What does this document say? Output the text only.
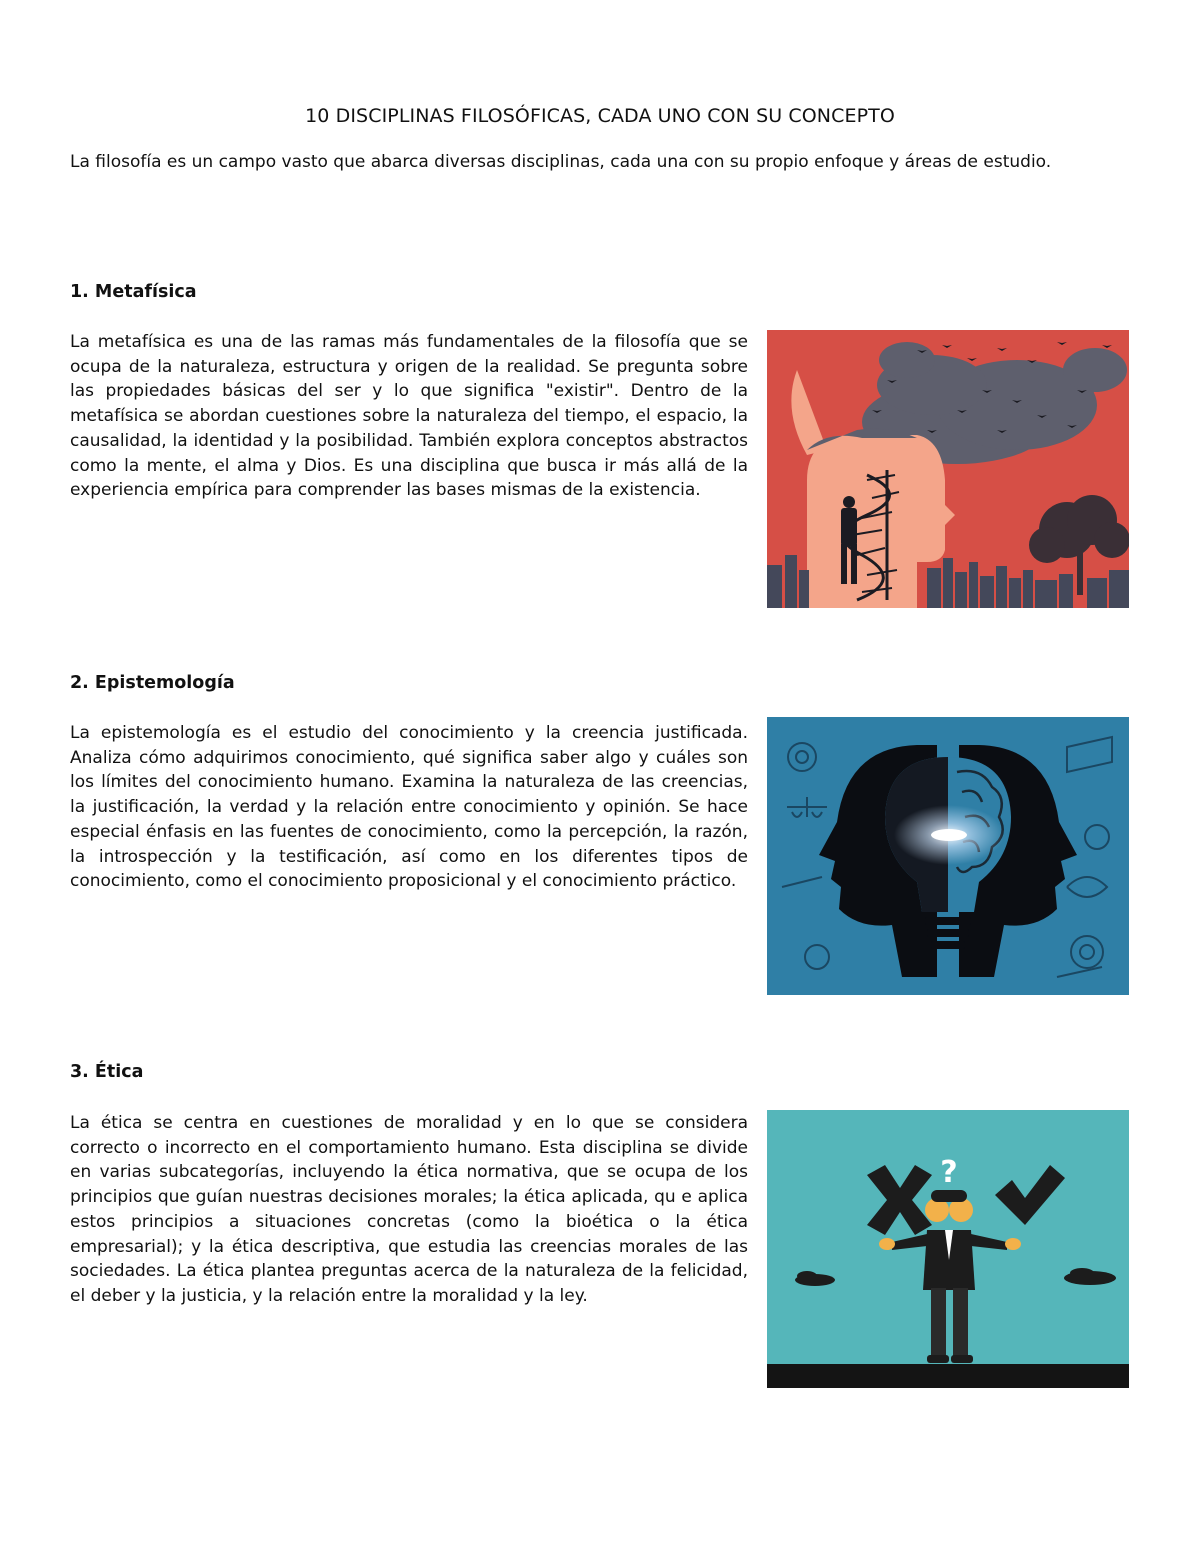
10 DISCIPLINAS FILOSÓFICAS, CADA UNO CON SU CONCEPTO

La filosofía es un campo vasto que abarca diversas disciplinas, cada una con su propio enfoque y áreas de estudio.

1. Metafísica

La metafísica es una de las ramas más fundamentales de la filosofía que se ocupa de la naturaleza, estructura y origen de la realidad. Se pregunta sobre las propiedades básicas del ser y lo que significa "existir". Dentro de la metafísica se abordan cuestiones sobre la naturaleza del tiempo, el espacio, la causalidad, la identidad y la posibilidad. También explora conceptos abstractos como la mente, el alma y Dios. Es una disciplina que busca ir más allá de la experiencia empírica para comprender las bases mismas de la existencia.

2. Epistemología

La epistemología es el estudio del conocimiento y la creencia justificada. Analiza cómo adquirimos conocimiento, qué significa saber algo y cuáles son los límites del conocimiento humano. Examina la naturaleza de las creencias, la justificación, la verdad y la relación entre conocimiento y opinión. Se hace especial énfasis en las fuentes de conocimiento, como la percepción, la razón, la introspección y la testificación, así como en los diferentes tipos de conocimiento, como el conocimiento proposicional y el conocimiento práctico.

3. Ética

La ética se centra en cuestiones de moralidad y en lo que se considera correcto o incorrecto en el comportamiento humano. Esta disciplina se divide en varias subcategorías, incluyendo la ética normativa, que se ocupa de los principios que guían nuestras decisiones morales; la ética aplicada, qu e aplica estos principios a situaciones concretas (como la bioética o la ética empresarial); y la ética descriptiva, que estudia las creencias morales de las sociedades. La ética plantea preguntas acerca de la naturaleza de la felicidad, el deber y la justicia, y la relación entre la moralidad y la ley.

?
